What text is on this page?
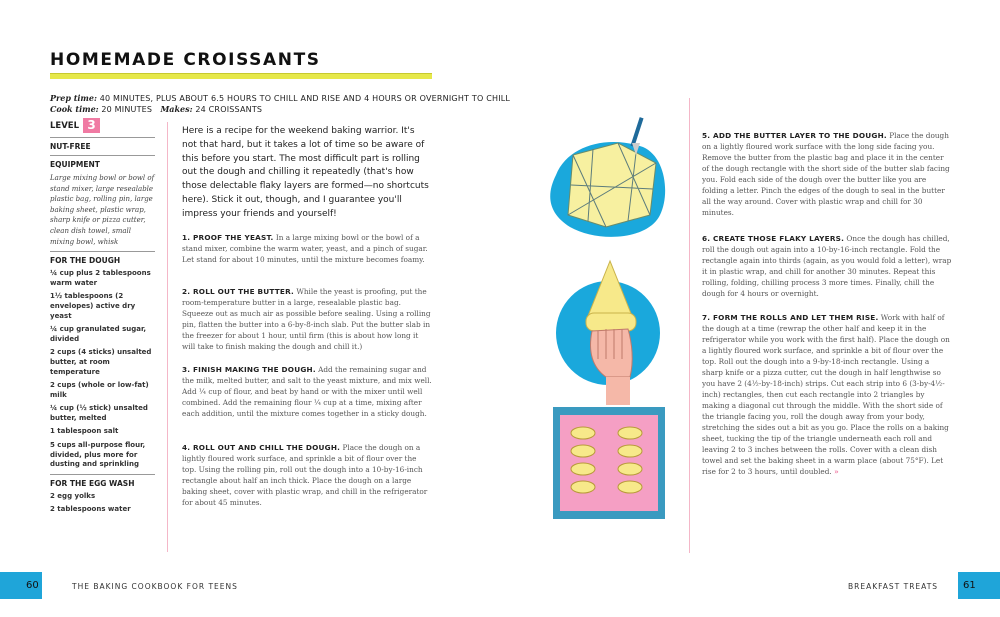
HOMEMADE CROISSANTS
Prep time: 40 MINUTES, PLUS ABOUT 6.5 HOURS TO CHILL AND RISE AND 4 HOURS OR OVERNIGHT TO CHILL
Cook time: 20 MINUTES Makes: 24 CROISSANTS
LEVEL 3
NUT-FREE
EQUIPMENT
Large mixing bowl or bowl of stand mixer, large resealable plastic bag, rolling pin, large baking sheet, plastic wrap, sharp knife or pizza cutter, clean dish towel, small mixing bowl, whisk
FOR THE DOUGH
¼ cup plus 2 tablespoons warm water
1½ tablespoons (2 envelopes) active dry yeast
¼ cup granulated sugar, divided
2 cups (4 sticks) unsalted butter, at room temperature
2 cups (whole or low-fat) milk
¼ cup (½ stick) unsalted butter, melted
1 tablespoon salt
5 cups all-purpose flour, divided, plus more for dusting and sprinkling
FOR THE EGG WASH
2 egg yolks
2 tablespoons water
Here is a recipe for the weekend baking warrior. It's not that hard, but it takes a lot of time so be aware of this before you start. The most difficult part is rolling out the dough and chilling it repeatedly (that's how those delectable flaky layers are formed—no shortcuts here). Stick it out, though, and I guarantee you'll impress your friends and yourself!
1. PROOF THE YEAST. In a large mixing bowl or the bowl of a stand mixer, combine the warm water, yeast, and a pinch of sugar. Let stand for about 10 minutes, until the mixture becomes foamy.
2. ROLL OUT THE BUTTER. While the yeast is proofing, put the room-temperature butter in a large, resealable plastic bag. Squeeze out as much air as possible before sealing. Using a rolling pin, flatten the butter into a 6-by-8-inch slab. Put the butter slab in the freezer for about 1 hour, until firm (this is about how long it will take to finish making the dough and chill it.)
3. FINISH MAKING THE DOUGH. Add the remaining sugar and the milk, melted butter, and salt to the yeast mixture, and mix well. Add ¼ cup of flour, and beat by hand or with the mixer until well combined. Add the remaining flour ¼ cup at a time, mixing after each addition, until the mixture comes together in a sticky dough.
4. ROLL OUT AND CHILL THE DOUGH. Place the dough on a lightly floured work surface, and sprinkle a bit of flour over the top. Using the rolling pin, roll out the dough into a 10-by-16-inch rectangle about half an inch thick. Place the dough on a large baking sheet, cover with plastic wrap, and chill in the refrigerator for about 45 minutes.
5. ADD THE BUTTER LAYER TO THE DOUGH. Place the dough on a lightly floured work surface with the long side facing you. Remove the butter from the plastic bag and place it in the center of the dough rectangle with the short side of the butter slab facing you. Fold each side of the dough over the butter like you are folding a letter. Pinch the edges of the dough to seal in the butter all the way around. Cover with plastic wrap and chill for 30 minutes.
6. CREATE THOSE FLAKY LAYERS. Once the dough has chilled, roll the dough out again into a 10-by-16-inch rectangle. Fold the rectangle again into thirds (again, as you would fold a letter), wrap it in plastic wrap, and chill for another 30 minutes. Repeat this rolling, folding, chilling process 3 more times. Finally, chill the dough for 4 hours or overnight.
7. FORM THE ROLLS AND LET THEM RISE. Work with half of the dough at a time (rewrap the other half and keep it in the refrigerator while you work with the first half). Place the dough on a lightly floured work surface, and sprinkle a bit of flour over the top. Roll out the dough into a 9-by-18-inch rectangle. Using a sharp knife or a pizza cutter, cut the dough in half lengthwise so you have 2 (4½-by-18-inch) strips. Cut each strip into 6 (3-by-4½-inch) rectangles, then cut each rectangle into 2 triangles by making a diagonal cut through the middle. With the short side of the triangle facing you, roll the dough away from your body, stretching the sides out a bit as you go. Place the rolls on a baking sheet, tucking the tip of the triangle underneath each roll and leaving 2 to 3 inches between the rolls. Cover with a clean dish towel and set the baking sheet in a warm place (about 75°F). Let rise for 2 to 3 hours, until doubled. »
60	THE BAKING COOKBOOK FOR TEENS	BREAKFAST TREATS 61
